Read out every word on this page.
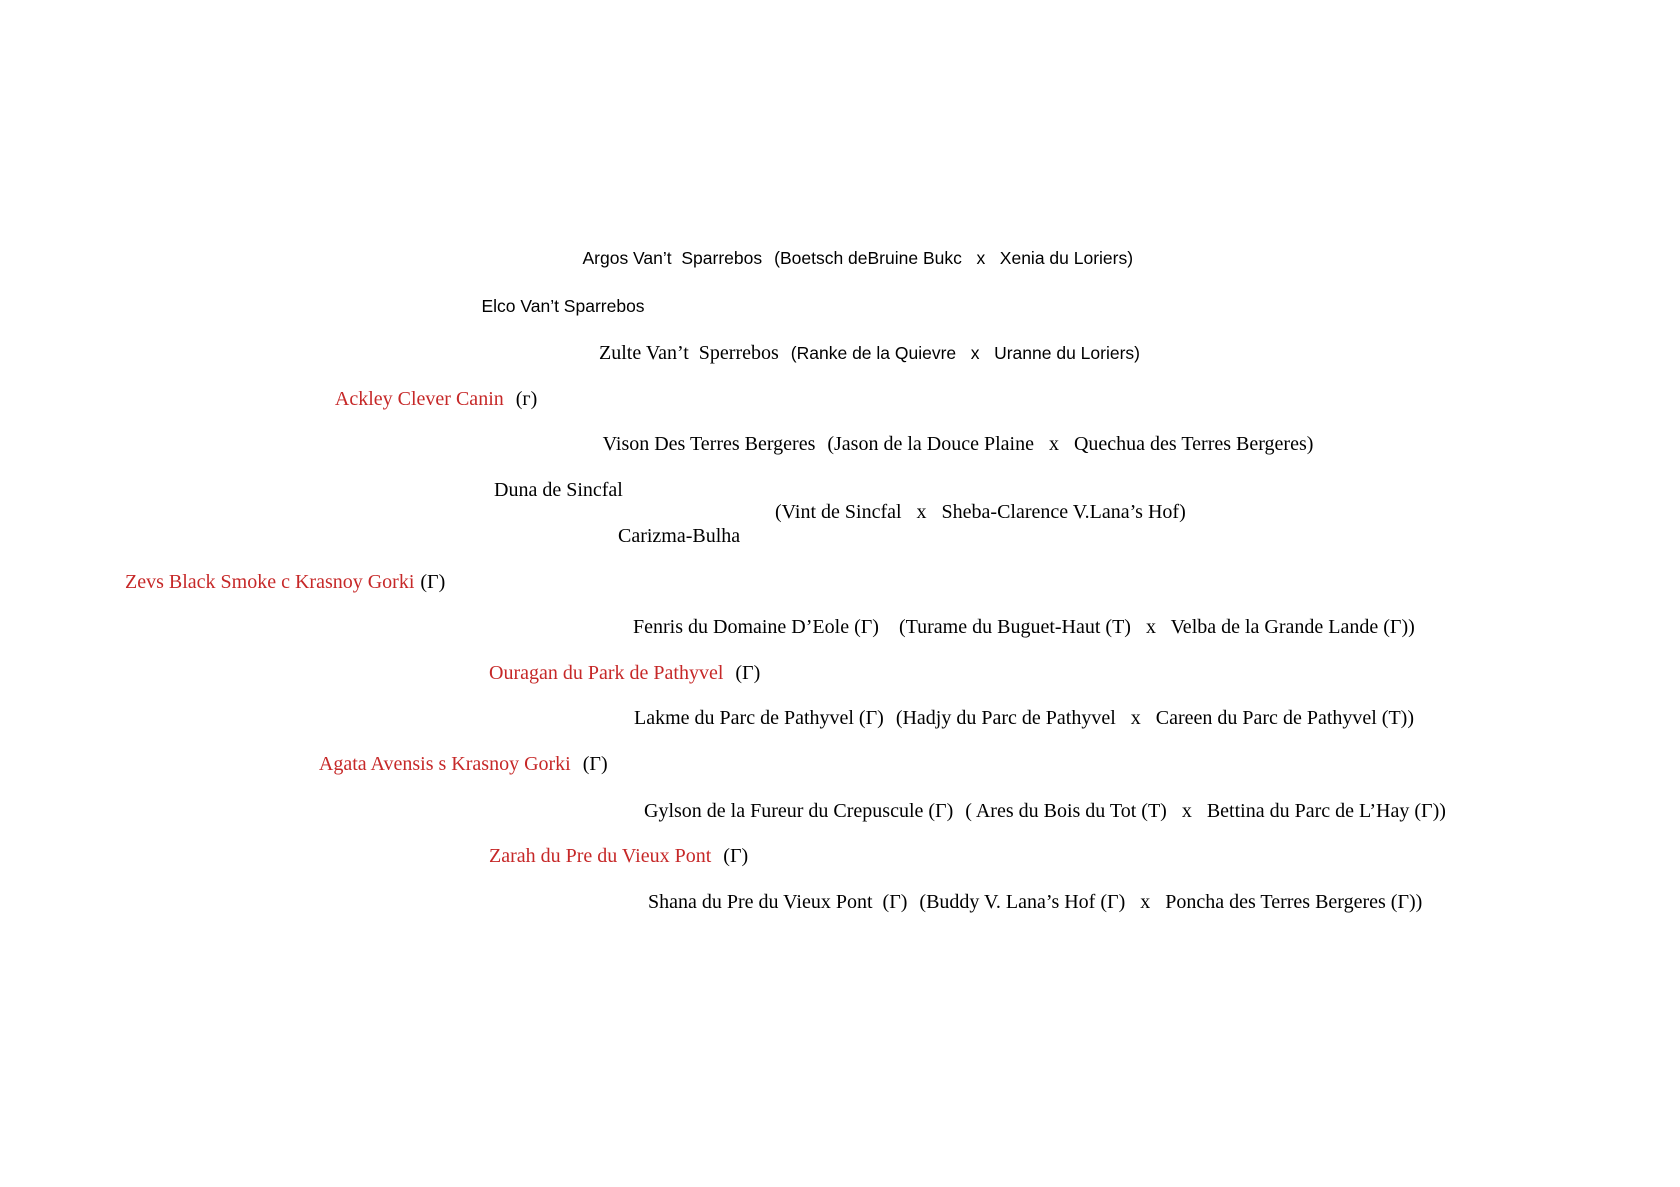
Argos Van’t  Sparrebos (Boetsch deBruine Bukc   x   Xenia du Loriers)

Elco Van’t Sparrebos

Zulte Van’t  Sperrebos (Ranke de la Quievre   x   Uranne du Loriers)

Ackley Clever Canin (г)

Vison Des Terres Bergeres (Jason de la Douce Plaine   x   Quechua des Terres Bergeres)

Duna de Sincfal

Carizma-Bulha
(Vint de Sincfal   x   Sheba-Clarence V.Lana’s Hof)

Zevs Black Smoke c Krasnoy Gorki (Г)

Fenris du Domaine D’Eole (Г) (Turame du Buguet-Haut (Т)   x   Velba de la Grande Lande (Г))

Ouragan du Park de Pathyvel (Г)

Lakme du Parc de Pathyvel (Г) (Hadjy du Parc de Pathyvel   x   Careen du Parc de Pathyvel (Т))

Agata Avensis s Krasnoy Gorki (Г)

Gylson de la Fureur du Crepuscule (Г) ( Ares du Bois du Tot (Т)   x   Bettina du Parc de L’Hay (Г))

Zarah du Pre du Vieux Pont (Г)

Shana du Pre du Vieux Pont  (Г) (Buddy V. Lana’s Hof (Г)   x   Poncha des Terres Bergeres (Г))
